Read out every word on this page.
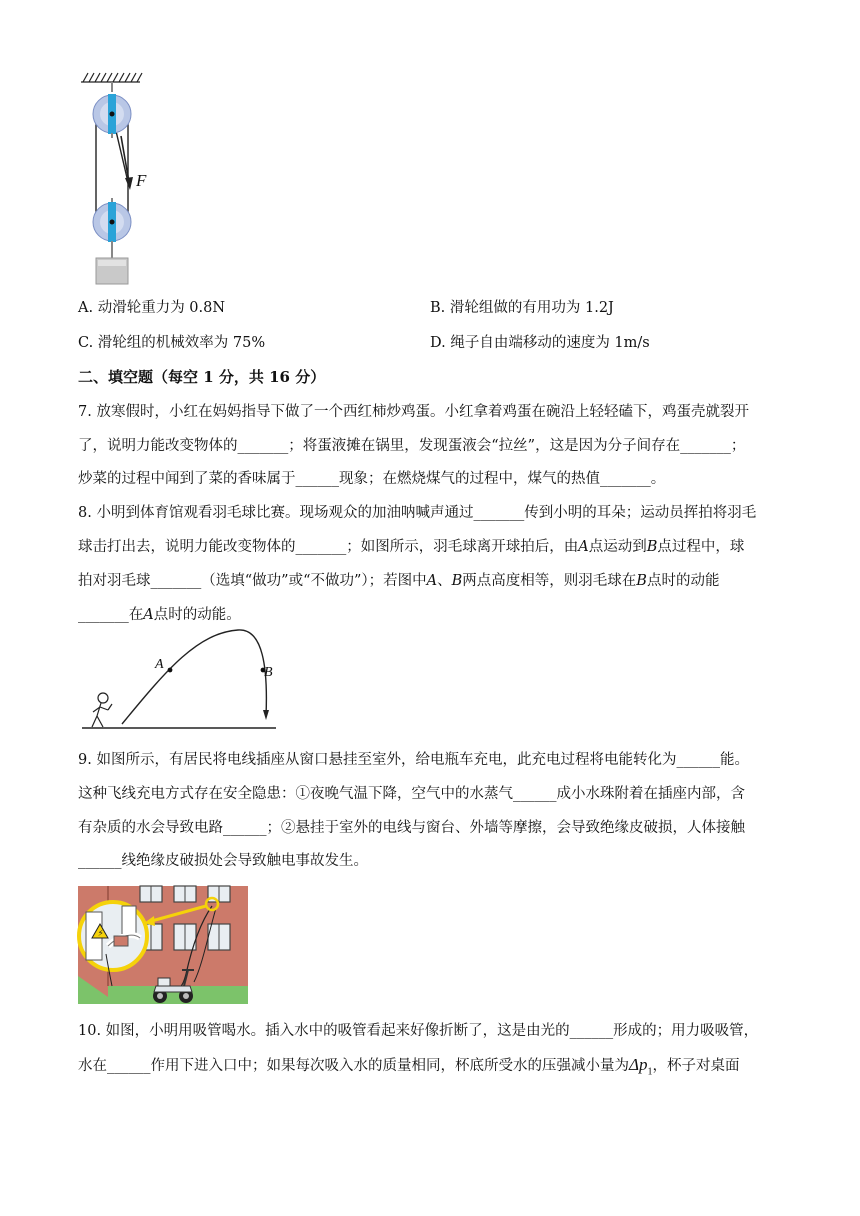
F
A. 动滑轮重力为 0.8N	B. 滑轮组做的有用功为 1.2J
C. 滑轮组的机械效率为 75%	D. 绳子自由端移动的速度为 1m/s
二、填空题（每空 1 分，共 16 分）
7. 放寒假时，小红在妈妈指导下做了一个西红柿炒鸡蛋。小红拿着鸡蛋在碗沿上轻轻磕下，鸡蛋壳就裂开
了，说明力能改变物体的_______；将蛋液摊在锅里，发现蛋液会“拉丝”，这是因为分子间存在_______；
炒菜的过程中闻到了菜的香味属于______现象；在燃烧煤气的过程中，煤气的热值_______。
8. 小明到体育馆观看羽毛球比赛。现场观众的加油呐喊声通过_______传到小明的耳朵；运动员挥拍将羽毛
球击打出去，说明力能改变物体的_______；如图所示，羽毛球离开球拍后，由A点运动到B点过程中，球
拍对羽毛球_______（选填“做功”或“不做功”）；若图中A、B两点高度相等，则羽毛球在B点时的动能
_______在A点时的动能。
A
B
9. 如图所示，有居民将电线插座从窗口悬挂至室外，给电瓶车充电，此充电过程将电能转化为______能。
这种飞线充电方式存在安全隐患：①夜晚气温下降，空气中的水蒸气______成小水珠附着在插座内部，含
有杂质的水会导致电路______；②悬挂于室外的电线与窗台、外墙等摩擦，会导致绝缘皮破损，人体接触
______线绝缘皮破损处会导致触电事故发生。
⚡
10. 如图，小明用吸管喝水。插入水中的吸管看起来好像折断了，这是由光的______形成的；用力吸吸管，
水在______作用下进入口中；如果每次吸入水的质量相同，杯底所受水的压强减小量为$\Delta p_1$，杯子对桌面
